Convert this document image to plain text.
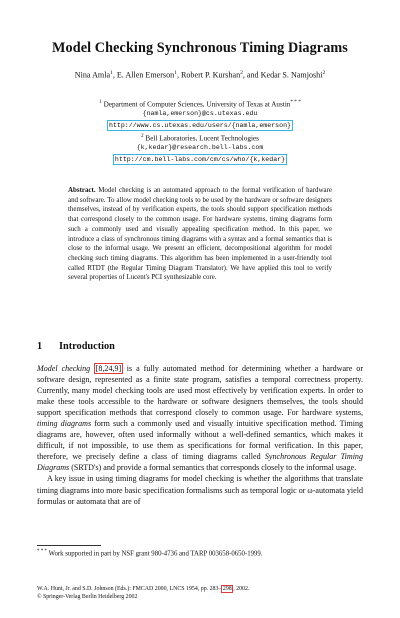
Model Checking Synchronous Timing Diagrams
Nina Amla$^1$, E. Allen Emerson$^1$, Robert P. Kurshan$^2$, and Kedar S. Namjoshi$^2$
$^1$ Department of Computer Sciences, University of Texas at Austin* * *
{namla,emerson}@cs.utexas.edu
http://www.cs.utexas.edu/users/{namla,emerson}
$^2$ Bell Laboratories, Lucent Technologies
{k,kedar}@research.bell-labs.com
http://cm.bell-labs.com/cm/cs/who/{k,kedar}
Abstract. Model checking is an automated approach to the formal verification of hardware and software. To allow model checking tools to be used by the hardware or software designers themselves, instead of by verification experts, the tools should support specification methods that correspond closely to the common usage. For hardware systems, timing diagrams form such a commonly used and visually appealing specification method. In this paper, we introduce a class of synchronous timing diagrams with a syntax and a formal semantics that is close to the informal usage. We present an efficient, decompositional algorithm for model checking such timing diagrams. This algorithm has been implemented in a user-friendly tool called RTDT (the Regular Timing Diagram Translator). We have applied this tool to verify several properties of Lucent's PCI synthesizable core.
1 Introduction

Model checking [8,24,9] is a fully automated method for determining whether a hardware or software design, represented as a finite state program, satisfies a temporal correctness property. Currently, many model checking tools are used most effectively by verification experts. In order to make these tools accessible to the hardware or software designers themselves, the tools should support specification methods that correspond closely to common usage. For hardware systems, timing diagrams form such a commonly used and visually intuitive specification method. Timing diagrams are, however, often used informally without a well-defined semantics, which makes it difficult, if not impossible, to use them as specifications for formal verification. In this paper, therefore, we precisely define a class of timing diagrams called Synchronous Regular Timing Diagrams (SRTD's) and provide a formal semantics that corresponds closely to the informal usage.

A key issue in using timing diagrams for model checking is whether the algorithms that translate timing diagrams into more basic specification formalisms such as temporal logic or ω-automata yield formulas or automata that are of

* * * Work supported in part by NSF grant 980-4736 and TARP 003658-0650-1999.
W.A. Hunt, Jr. and S.D. Johnson (Eds.): FMCAD 2000, LNCS 1954, pp. 283– 298 , 2002.
© Springer-Verlag Berlin Heidelberg 2002
